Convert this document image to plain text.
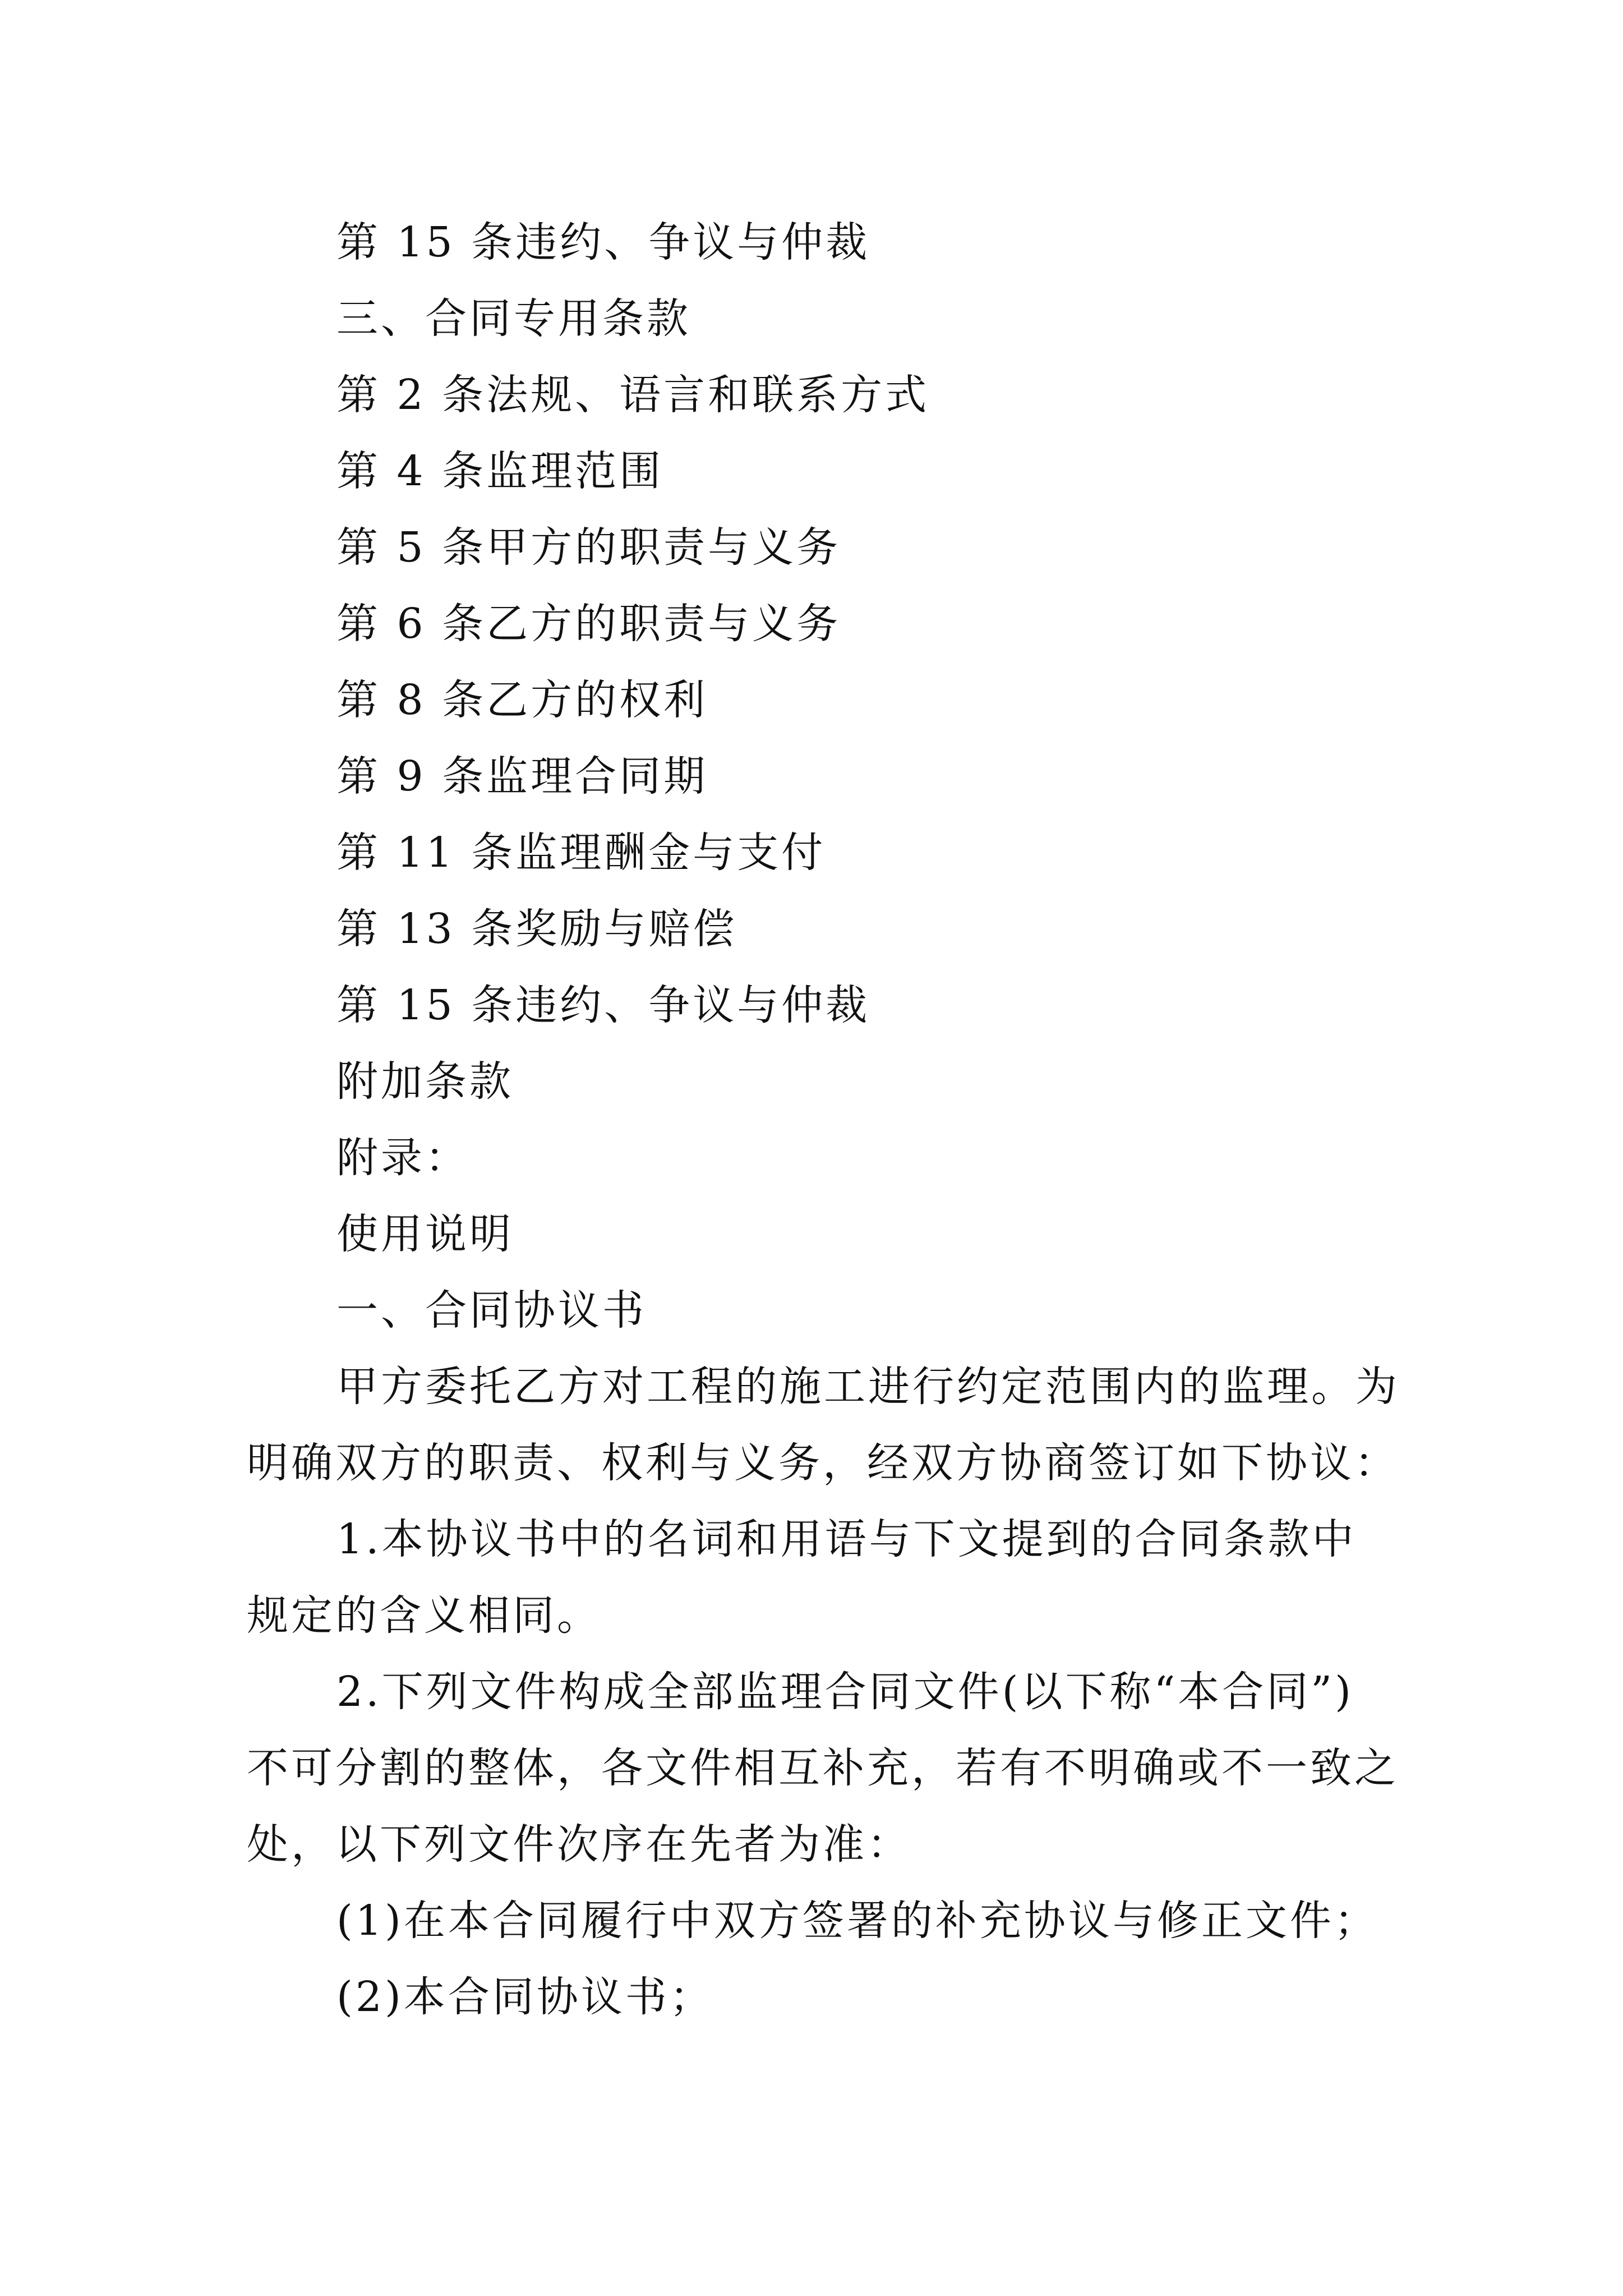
第 15 条违约、争议与仲裁

三、合同专用条款

第 2 条法规、语言和联系方式

第 4 条监理范围

第 5 条甲方的职责与义务

第 6 条乙方的职责与义务

第 8 条乙方的权利

第 9 条监理合同期

第 11 条监理酬金与支付

第 13 条奖励与赔偿

第 15 条违约、争议与仲裁

附加条款

附录：

使用说明

一、合同协议书

甲方委托乙方对工程的施工进行约定范围内的监理。为

明确双方的职责、权利与义务，经双方协商签订如下协议：

1.本协议书中的名词和用语与下文提到的合同条款中

规定的含义相同。

2.下列文件构成全部监理合同文件(以下称“本合同”)

不可分割的整体，各文件相互补充，若有不明确或不一致之

处，以下列文件次序在先者为准：

(1)在本合同履行中双方签署的补充协议与修正文件；

(2)本合同协议书；
